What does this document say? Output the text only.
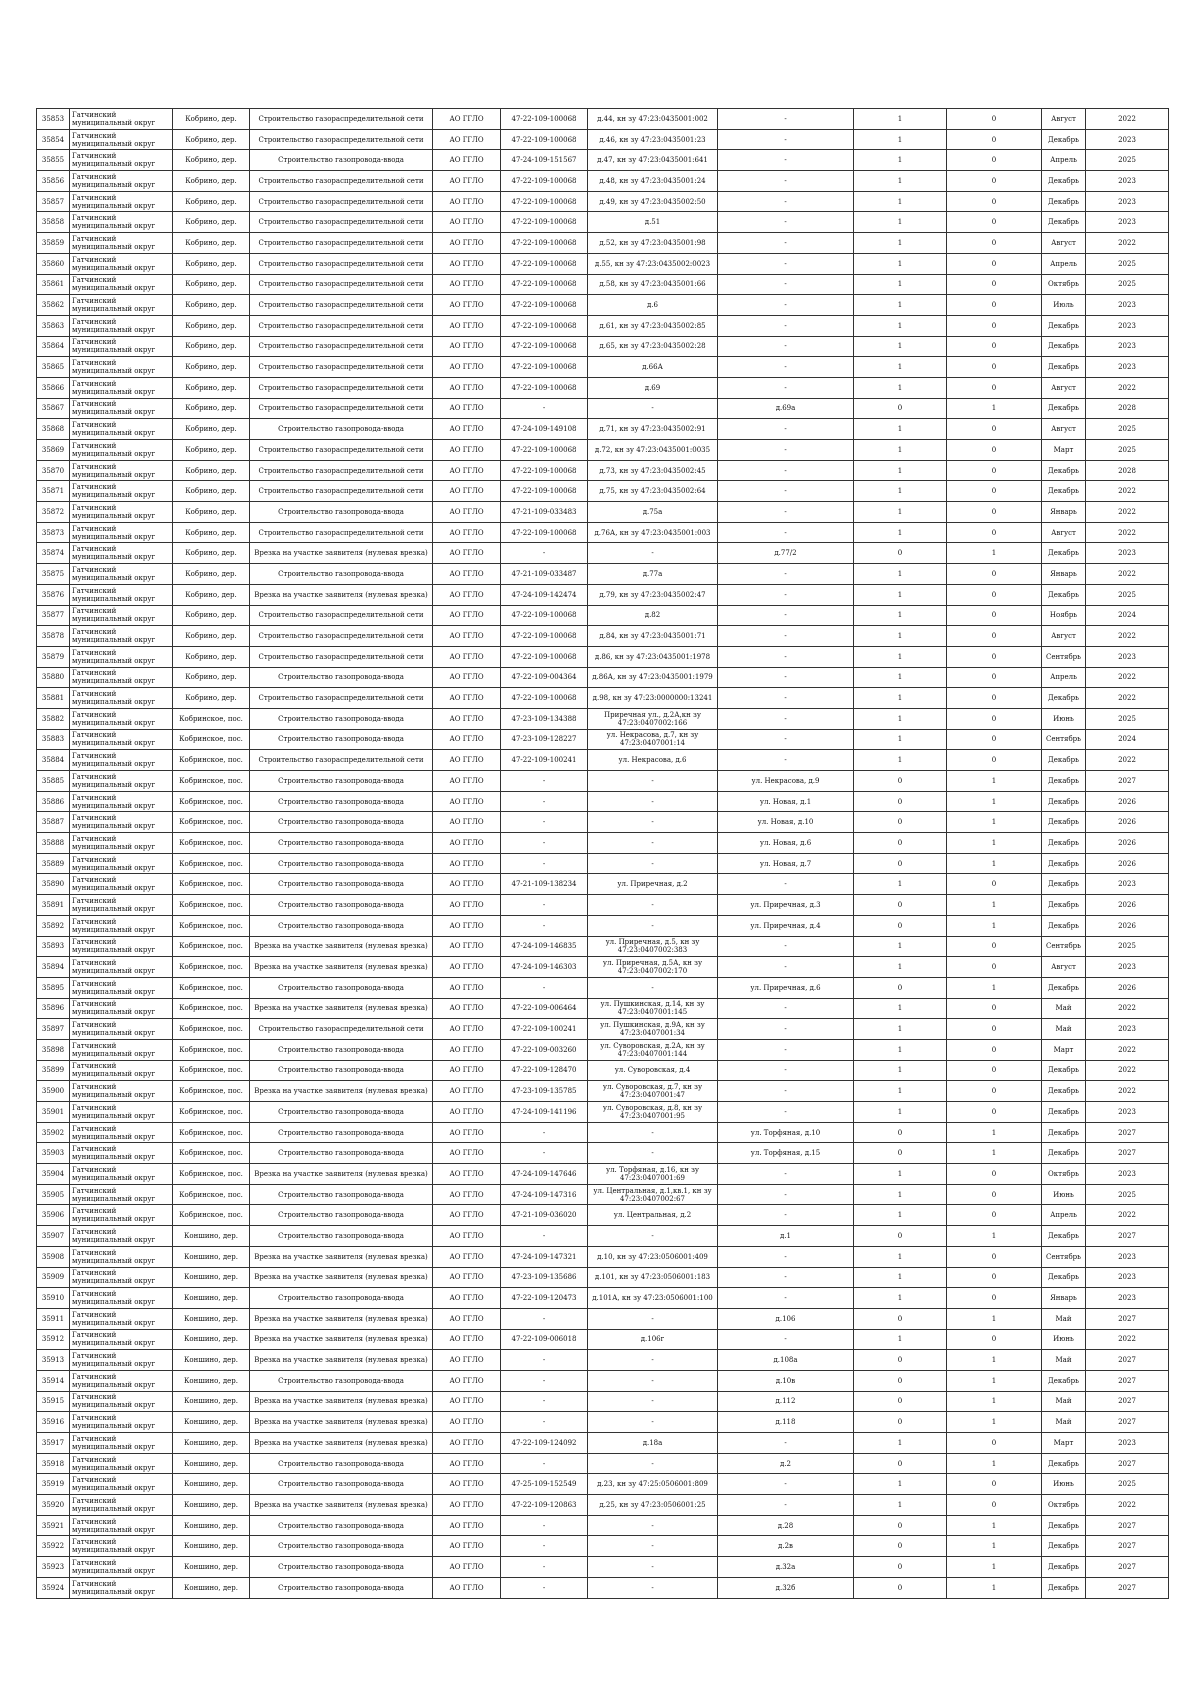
35853	Гатчинский муниципальный округ	Кобрино, дер.	Строительство газораспределительной сети	АО ГГЛО	47-22-109-100068	д.44, кн зу 47:23:0435001:002	-	1	0	Август	2022
35854	Гатчинский муниципальный округ	Кобрино, дер.	Строительство газораспределительной сети	АО ГГЛО	47-22-109-100068	д.46, кн зу 47:23:0435001:23	-	1	0	Декабрь	2023
35855	Гатчинский муниципальный округ	Кобрино, дер.	Строительство газопровода-ввода	АО ГГЛО	47-24-109-151567	д.47, кн зу 47:23:0435001:641	-	1	0	Апрель	2025
35856	Гатчинский муниципальный округ	Кобрино, дер.	Строительство газораспределительной сети	АО ГГЛО	47-22-109-100068	д.48, кн зу 47:23:0435001:24	-	1	0	Декабрь	2023
35857	Гатчинский муниципальный округ	Кобрино, дер.	Строительство газораспределительной сети	АО ГГЛО	47-22-109-100068	д.49, кн зу 47:23:0435002:50	-	1	0	Декабрь	2023
35858	Гатчинский муниципальный округ	Кобрино, дер.	Строительство газораспределительной сети	АО ГГЛО	47-22-109-100068	д.51	-	1	0	Декабрь	2023
35859	Гатчинский муниципальный округ	Кобрино, дер.	Строительство газораспределительной сети	АО ГГЛО	47-22-109-100068	д.52, кн зу 47:23:0435001:98	-	1	0	Август	2022
35860	Гатчинский муниципальный округ	Кобрино, дер.	Строительство газораспределительной сети	АО ГГЛО	47-22-109-100068	д.55, кн зу 47:23:0435002:0023	-	1	0	Апрель	2025
35861	Гатчинский муниципальный округ	Кобрино, дер.	Строительство газораспределительной сети	АО ГГЛО	47-22-109-100068	д.58, кн зу 47:23:0435001:66	-	1	0	Октябрь	2025
35862	Гатчинский муниципальный округ	Кобрино, дер.	Строительство газораспределительной сети	АО ГГЛО	47-22-109-100068	д.6	-	1	0	Июль	2023
35863	Гатчинский муниципальный округ	Кобрино, дер.	Строительство газораспределительной сети	АО ГГЛО	47-22-109-100068	д.61, кн зу 47:23:0435002:85	-	1	0	Декабрь	2023
35864	Гатчинский муниципальный округ	Кобрино, дер.	Строительство газораспределительной сети	АО ГГЛО	47-22-109-100068	д.65, кн зу 47:23:0435002:28	-	1	0	Декабрь	2023
35865	Гатчинский муниципальный округ	Кобрино, дер.	Строительство газораспределительной сети	АО ГГЛО	47-22-109-100068	д.66А	-	1	0	Декабрь	2023
35866	Гатчинский муниципальный округ	Кобрино, дер.	Строительство газораспределительной сети	АО ГГЛО	47-22-109-100068	д.69	-	1	0	Август	2022
35867	Гатчинский муниципальный округ	Кобрино, дер.	Строительство газораспределительной сети	АО ГГЛО	-	-	д.69а	0	1	Декабрь	2028
35868	Гатчинский муниципальный округ	Кобрино, дер.	Строительство газопровода-ввода	АО ГГЛО	47-24-109-149108	д.71, кн зу 47:23:0435002:91	-	1	0	Август	2025
35869	Гатчинский муниципальный округ	Кобрино, дер.	Строительство газораспределительной сети	АО ГГЛО	47-22-109-100068	д.72, кн зу 47:23:0435001:0035	-	1	0	Март	2025
35870	Гатчинский муниципальный округ	Кобрино, дер.	Строительство газораспределительной сети	АО ГГЛО	47-22-109-100068	д.73, кн зу 47:23:0435002:45	-	1	0	Декабрь	2028
35871	Гатчинский муниципальный округ	Кобрино, дер.	Строительство газораспределительной сети	АО ГГЛО	47-22-109-100068	д.75, кн зу 47:23:0435002:64	-	1	0	Декабрь	2022
35872	Гатчинский муниципальный округ	Кобрино, дер.	Строительство газопровода-ввода	АО ГГЛО	47-21-109-033483	д.75а	-	1	0	Январь	2022
35873	Гатчинский муниципальный округ	Кобрино, дер.	Строительство газораспределительной сети	АО ГГЛО	47-22-109-100068	д.76А, кн зу 47:23:0435001:003	-	1	0	Август	2022
35874	Гатчинский муниципальный округ	Кобрино, дер.	Врезка на участке заявителя (нулевая врезка)	АО ГГЛО	-	-	д.77/2	0	1	Декабрь	2023
35875	Гатчинский муниципальный округ	Кобрино, дер.	Строительство газопровода-ввода	АО ГГЛО	47-21-109-033487	д.77а	-	1	0	Январь	2022
35876	Гатчинский муниципальный округ	Кобрино, дер.	Врезка на участке заявителя (нулевая врезка)	АО ГГЛО	47-24-109-142474	д.79, кн зу 47:23:0435002:47	-	1	0	Декабрь	2025
35877	Гатчинский муниципальный округ	Кобрино, дер.	Строительство газораспределительной сети	АО ГГЛО	47-22-109-100068	д.82	-	1	0	Ноябрь	2024
35878	Гатчинский муниципальный округ	Кобрино, дер.	Строительство газораспределительной сети	АО ГГЛО	47-22-109-100068	д.84, кн зу 47:23:0435001:71	-	1	0	Август	2022
35879	Гатчинский муниципальный округ	Кобрино, дер.	Строительство газораспределительной сети	АО ГГЛО	47-22-109-100068	д.86, кн зу 47:23:0435001:1978	-	1	0	Сентябрь	2023
35880	Гатчинский муниципальный округ	Кобрино, дер.	Строительство газопровода-ввода	АО ГГЛО	47-22-109-004364	д.86А, кн зу 47:23:0435001:1979	-	1	0	Апрель	2022
35881	Гатчинский муниципальный округ	Кобрино, дер.	Строительство газораспределительной сети	АО ГГЛО	47-22-109-100068	д.98, кн зу 47:23:0000000:13241	-	1	0	Декабрь	2022
35882	Гатчинский муниципальный округ	Кобринское, пос.	Строительство газопровода-ввода	АО ГГЛО	47-23-109-134388	Приречная ул., д.2А,кн зу 47:23:0407002:166	-	1	0	Июнь	2025
35883	Гатчинский муниципальный округ	Кобринское, пос.	Строительство газопровода-ввода	АО ГГЛО	47-23-109-128227	ул. Некрасова, д.7, кн зу 47:23:0407001:14	-	1	0	Сентябрь	2024
35884	Гатчинский муниципальный округ	Кобринское, пос.	Строительство газораспределительной сети	АО ГГЛО	47-22-109-100241	ул. Некрасова, д.6	-	1	0	Декабрь	2022
35885	Гатчинский муниципальный округ	Кобринское, пос.	Строительство газопровода-ввода	АО ГГЛО	-	-	ул. Некрасова, д.9	0	1	Декабрь	2027
35886	Гатчинский муниципальный округ	Кобринское, пос.	Строительство газопровода-ввода	АО ГГЛО	-	-	ул. Новая, д.1	0	1	Декабрь	2026
35887	Гатчинский муниципальный округ	Кобринское, пос.	Строительство газопровода-ввода	АО ГГЛО	-	-	ул. Новая, д.10	0	1	Декабрь	2026
35888	Гатчинский муниципальный округ	Кобринское, пос.	Строительство газопровода-ввода	АО ГГЛО	-	-	ул. Новая, д.6	0	1	Декабрь	2026
35889	Гатчинский муниципальный округ	Кобринское, пос.	Строительство газопровода-ввода	АО ГГЛО	-	-	ул. Новая, д.7	0	1	Декабрь	2026
35890	Гатчинский муниципальный округ	Кобринское, пос.	Строительство газопровода-ввода	АО ГГЛО	47-21-109-138234	ул. Приречная, д.2	-	1	0	Декабрь	2023
35891	Гатчинский муниципальный округ	Кобринское, пос.	Строительство газопровода-ввода	АО ГГЛО	-	-	ул. Приречная, д.3	0	1	Декабрь	2026
35892	Гатчинский муниципальный округ	Кобринское, пос.	Строительство газопровода-ввода	АО ГГЛО	-	-	ул. Приречная, д.4	0	1	Декабрь	2026
35893	Гатчинский муниципальный округ	Кобринское, пос.	Врезка на участке заявителя (нулевая врезка)	АО ГГЛО	47-24-109-146835	ул. Приречная, д.5, кн зу 47:23:0407002:383	-	1	0	Сентябрь	2025
35894	Гатчинский муниципальный округ	Кобринское, пос.	Врезка на участке заявителя (нулевая врезка)	АО ГГЛО	47-24-109-146303	ул. Приречная, д.5А, кн зу 47:23:0407002:170	-	1	0	Август	2023
35895	Гатчинский муниципальный округ	Кобринское, пос.	Строительство газопровода-ввода	АО ГГЛО	-	-	ул. Приречная, д.6	0	1	Декабрь	2026
35896	Гатчинский муниципальный округ	Кобринское, пос.	Врезка на участке заявителя (нулевая врезка)	АО ГГЛО	47-22-109-006464	ул. Пушкинская, д.14, кн зу 47:23:0407001:145	-	1	0	Май	2022
35897	Гатчинский муниципальный округ	Кобринское, пос.	Строительство газораспределительной сети	АО ГГЛО	47-22-109-100241	ул. Пушкинская, д.9А, кн зу 47:23:0407001:34	-	1	0	Май	2023
35898	Гатчинский муниципальный округ	Кобринское, пос.	Строительство газопровода-ввода	АО ГГЛО	47-22-109-003260	ул. Суворовская, д.2А, кн зу 47:23:0407001:144	-	1	0	Март	2022
35899	Гатчинский муниципальный округ	Кобринское, пос.	Строительство газопровода-ввода	АО ГГЛО	47-22-109-128470	ул. Суворовская, д.4	-	1	0	Декабрь	2022
35900	Гатчинский муниципальный округ	Кобринское, пос.	Врезка на участке заявителя (нулевая врезка)	АО ГГЛО	47-23-109-135785	ул. Суворовская, д.7, кн зу 47:23:0407001:47	-	1	0	Декабрь	2022
35901	Гатчинский муниципальный округ	Кобринское, пос.	Строительство газопровода-ввода	АО ГГЛО	47-24-109-141196	ул. Суворовская, д.8, кн зу 47:23:0407001:95	-	1	0	Декабрь	2023
35902	Гатчинский муниципальный округ	Кобринское, пос.	Строительство газопровода-ввода	АО ГГЛО	-	-	ул. Торфяная, д.10	0	1	Декабрь	2027
35903	Гатчинский муниципальный округ	Кобринское, пос.	Строительство газопровода-ввода	АО ГГЛО	-	-	ул. Торфяная, д.15	0	1	Декабрь	2027
35904	Гатчинский муниципальный округ	Кобринское, пос.	Врезка на участке заявителя (нулевая врезка)	АО ГГЛО	47-24-109-147646	ул. Торфяная, д.16, кн зу 47:23:0407001:69	-	1	0	Октябрь	2023
35905	Гатчинский муниципальный округ	Кобринское, пос.	Строительство газопровода-ввода	АО ГГЛО	47-24-109-147316	ул. Центральная, д.1,кв.1, кн зу 47:23:0407002:67	-	1	0	Июнь	2025
35906	Гатчинский муниципальный округ	Кобринское, пос.	Строительство газопровода-ввода	АО ГГЛО	47-21-109-036020	ул. Центральная, д.2	-	1	0	Апрель	2022
35907	Гатчинский муниципальный округ	Коншино, дер.	Строительство газопровода-ввода	АО ГГЛО	-	-	д.1	0	1	Декабрь	2027
35908	Гатчинский муниципальный округ	Коншино, дер.	Врезка на участке заявителя (нулевая врезка)	АО ГГЛО	47-24-109-147321	д.10, кн зу 47:23:0506001:409	-	1	0	Сентябрь	2023
35909	Гатчинский муниципальный округ	Коншино, дер.	Врезка на участке заявителя (нулевая врезка)	АО ГГЛО	47-23-109-135686	д.101, кн зу 47:23:0506001:183	-	1	0	Декабрь	2023
35910	Гатчинский муниципальный округ	Коншино, дер.	Строительство газопровода-ввода	АО ГГЛО	47-22-109-120473	д.101А, кн зу 47:23:0506001:100	-	1	0	Январь	2023
35911	Гатчинский муниципальный округ	Коншино, дер.	Врезка на участке заявителя (нулевая врезка)	АО ГГЛО	-	-	д.106	0	1	Май	2027
35912	Гатчинский муниципальный округ	Коншино, дер.	Врезка на участке заявителя (нулевая врезка)	АО ГГЛО	47-22-109-006018	д.106г	-	1	0	Июнь	2022
35913	Гатчинский муниципальный округ	Коншино, дер.	Врезка на участке заявителя (нулевая врезка)	АО ГГЛО	-	-	д.108а	0	1	Май	2027
35914	Гатчинский муниципальный округ	Коншино, дер.	Строительство газопровода-ввода	АО ГГЛО	-	-	д.10в	0	1	Декабрь	2027
35915	Гатчинский муниципальный округ	Коншино, дер.	Врезка на участке заявителя (нулевая врезка)	АО ГГЛО	-	-	д.112	0	1	Май	2027
35916	Гатчинский муниципальный округ	Коншино, дер.	Врезка на участке заявителя (нулевая врезка)	АО ГГЛО	-	-	д.118	0	1	Май	2027
35917	Гатчинский муниципальный округ	Коншино, дер.	Врезка на участке заявителя (нулевая врезка)	АО ГГЛО	47-22-109-124092	д.18а	-	1	0	Март	2023
35918	Гатчинский муниципальный округ	Коншино, дер.	Строительство газопровода-ввода	АО ГГЛО	-	-	д.2	0	1	Декабрь	2027
35919	Гатчинский муниципальный округ	Коншино, дер.	Строительство газопровода-ввода	АО ГГЛО	47-25-109-152549	д.23, кн зу 47:25:0506001:809	-	1	0	Июнь	2025
35920	Гатчинский муниципальный округ	Коншино, дер.	Врезка на участке заявителя (нулевая врезка)	АО ГГЛО	47-22-109-120863	д.25, кн зу 47:23:0506001:25	-	1	0	Октябрь	2022
35921	Гатчинский муниципальный округ	Коншино, дер.	Строительство газопровода-ввода	АО ГГЛО	-	-	д.28	0	1	Декабрь	2027
35922	Гатчинский муниципальный округ	Коншино, дер.	Строительство газопровода-ввода	АО ГГЛО	-	-	д.2в	0	1	Декабрь	2027
35923	Гатчинский муниципальный округ	Коншино, дер.	Строительство газопровода-ввода	АО ГГЛО	-	-	д.32а	0	1	Декабрь	2027
35924	Гатчинский муниципальный округ	Коншино, дер.	Строительство газопровода-ввода	АО ГГЛО	-	-	д.32б	0	1	Декабрь	2027
